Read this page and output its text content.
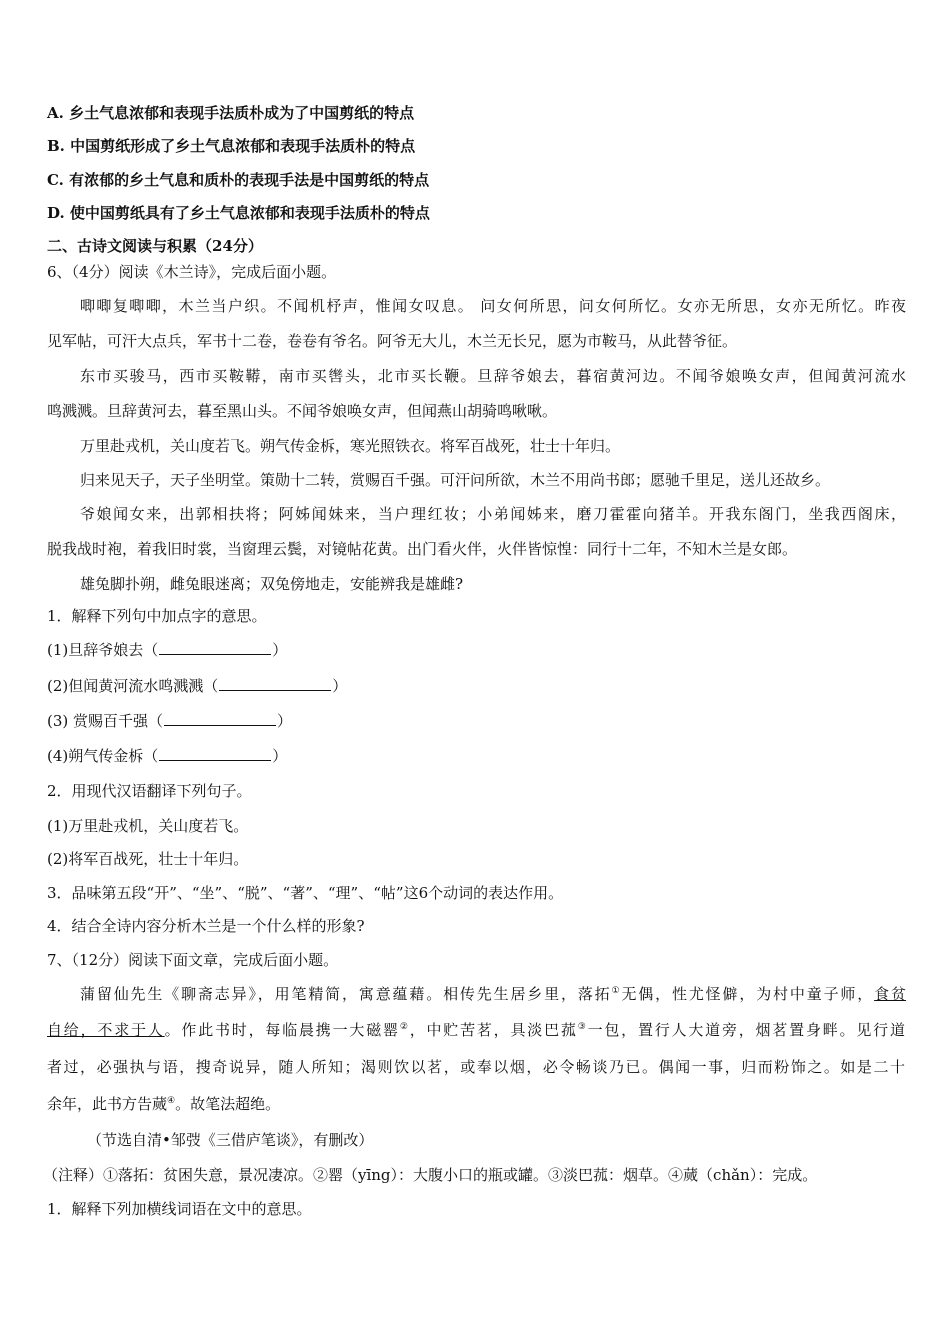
A. 乡土气息浓郁和表现手法质朴成为了中国剪纸的特点
B. 中国剪纸形成了乡土气息浓郁和表现手法质朴的特点
C. 有浓郁的乡土气息和质朴的表现手法是中国剪纸的特点
D. 使中国剪纸具有了乡土气息浓郁和表现手法质朴的特点
二、古诗文阅读与积累（24分）
6、（4分）阅读《木兰诗》，完成后面小题。
唧唧复唧唧，木兰当户织。不闻机杼声，惟闻女叹息。 问女何所思，问女何所忆。女亦无所思，女亦无所忆。昨夜
见军帖，可汗大点兵，军书十二卷，卷卷有爷名。阿爷无大儿，木兰无长兄，愿为市鞍马，从此替爷征。
东市买骏马，西市买鞍鞯，南市买辔头，北市买长鞭。旦辞爷娘去，暮宿黄河边。不闻爷娘唤女声，但闻黄河流水
鸣溅溅。旦辞黄河去，暮至黑山头。不闻爷娘唤女声，但闻燕山胡骑鸣啾啾。
万里赴戎机，关山度若飞。朔气传金柝，寒光照铁衣。将军百战死，壮士十年归。
归来见天子，天子坐明堂。策勋十二转，赏赐百千强。可汗问所欲，木兰不用尚书郎；愿驰千里足，送儿还故乡。
爷娘闻女来，出郭相扶将；阿姊闻妹来，当户理红妆；小弟闻姊来，磨刀霍霍向猪羊。开我东阁门，坐我西阁床，
脱我战时袍，着我旧时裳，当窗理云鬓，对镜帖花黄。出门看火伴，火伴皆惊惶：同行十二年，不知木兰是女郎。
雄兔脚扑朔，雌兔眼迷离；双兔傍地走，安能辨我是雄雌?
1．解释下列句中加点字的意思。
(1)旦辞爷娘去（	）
(2)但闻黄河流水鸣溅溅（	）
(3) 赏赐百千强（	）
(4)朔气传金柝（	）
2．用现代汉语翻译下列句子。
(1)万里赴戎机，关山度若飞。
(2)将军百战死，壮士十年归。
3．品味第五段“开”、“坐”、“脱”、“著”、“理”、“帖”这6个动词的表达作用。
4．结合全诗内容分析木兰是一个什么样的形象?
7、（12分）阅读下面文章，完成后面小题。
蒲留仙先生《聊斋志异》，用笔精简，寓意蕴藉。相传先生居乡里，落拓①无偶，性尤怪僻，为村中童子师，食贫
自给，不求于人。作此书时，每临晨携一大磁罂②，中贮苦茗，具淡巴菰③一包，置行人大道旁，烟茗置身畔。见行道
者过，必强执与语，搜奇说异，随人所知；渴则饮以茗，或奉以烟，必令畅谈乃已。偶闻一事，归而粉饰之。如是二十
余年，此书方告蒇④。故笔法超绝。
（节选自清•邹弢《三借庐笔谈》，有删改）
（注释）①落拓：贫困失意，景况凄凉。②罂（yīng）：大腹小口的瓶或罐。③淡巴菰：烟草。④蒇（chǎn）：完成。
1．解释下列加横线词语在文中的意思。
